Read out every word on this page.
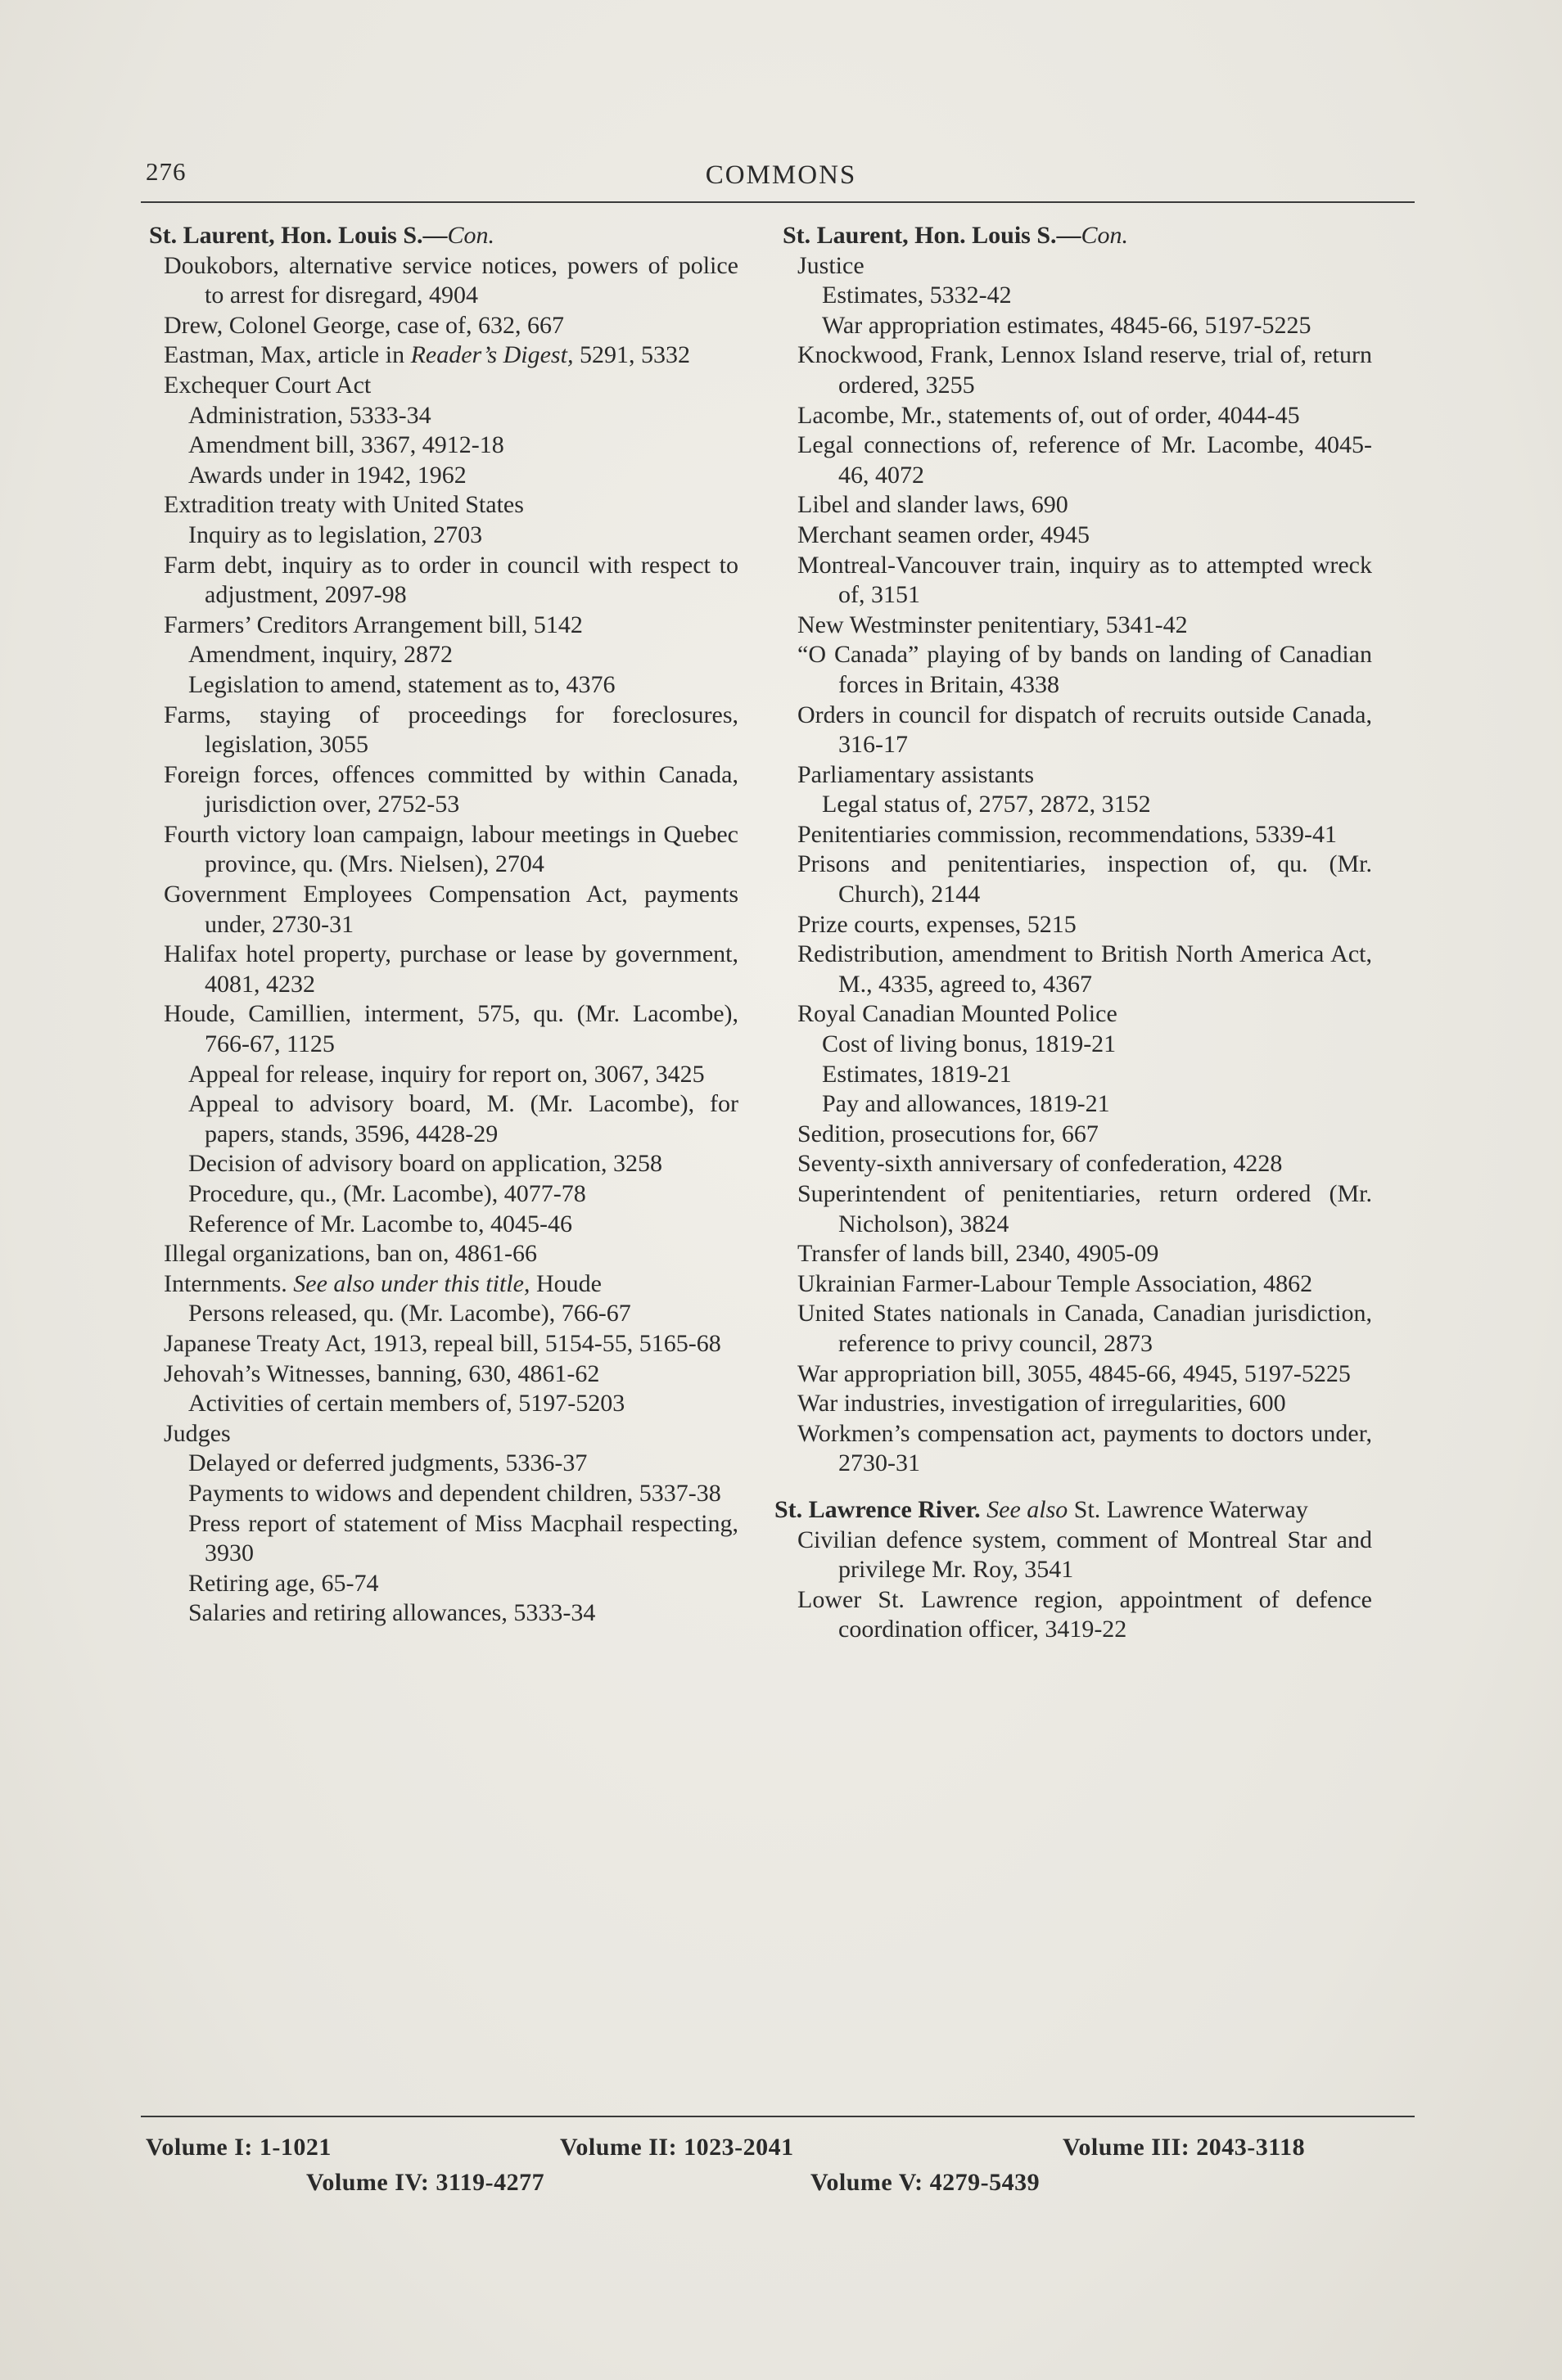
276	COMMONS
St. Laurent, Hon. Louis S.—Con.
Doukobors, alternative service notices, powers of police to arrest for disregard, 4904
Drew, Colonel George, case of, 632, 667
Eastman, Max, article in Reader’s Digest, 5291, 5332
Exchequer Court Act
Administration, 5333-34
Amendment bill, 3367, 4912-18
Awards under in 1942, 1962
Extradition treaty with United States
Inquiry as to legislation, 2703
Farm debt, inquiry as to order in council with respect to adjustment, 2097-98
Farmers’ Creditors Arrangement bill, 5142
Amendment, inquiry, 2872
Legislation to amend, statement as to, 4376
Farms, staying of proceedings for foreclosures, legislation, 3055
Foreign forces, offences committed by within Canada, jurisdiction over, 2752-53
Fourth victory loan campaign, labour meetings in Quebec province, qu. (Mrs. Nielsen), 2704
Government Employees Compensation Act, payments under, 2730-31
Halifax hotel property, purchase or lease by government, 4081, 4232
Houde, Camillien, interment, 575, qu. (Mr. Lacombe), 766-67, 1125
Appeal for release, inquiry for report on, 3067, 3425
Appeal to advisory board, M. (Mr. Lacombe), for papers, stands, 3596, 4428-29
Decision of advisory board on application, 3258
Procedure, qu., (Mr. Lacombe), 4077-78
Reference of Mr. Lacombe to, 4045-46
Illegal organizations, ban on, 4861-66
Internments. See also under this title, Houde
Persons released, qu. (Mr. Lacombe), 766-67
Japanese Treaty Act, 1913, repeal bill, 5154-55, 5165-68
Jehovah’s Witnesses, banning, 630, 4861-62
Activities of certain members of, 5197-5203
Judges
Delayed or deferred judgments, 5336-37
Payments to widows and dependent children, 5337-38
Press report of statement of Miss Macphail respecting, 3930
Retiring age, 65-74
Salaries and retiring allowances, 5333-34
St. Laurent, Hon. Louis S.—Con.
Justice
Estimates, 5332-42
War appropriation estimates, 4845-66, 5197-5225
Knockwood, Frank, Lennox Island reserve, trial of, return ordered, 3255
Lacombe, Mr., statements of, out of order, 4044-45
Legal connections of, reference of Mr. Lacombe, 4045-46, 4072
Libel and slander laws, 690
Merchant seamen order, 4945
Montreal-Vancouver train, inquiry as to attempted wreck of, 3151
New Westminster penitentiary, 5341-42
“O Canada” playing of by bands on landing of Canadian forces in Britain, 4338
Orders in council for dispatch of recruits outside Canada, 316-17
Parliamentary assistants
Legal status of, 2757, 2872, 3152
Penitentiaries commission, recommendations, 5339-41
Prisons and penitentiaries, inspection of, qu. (Mr. Church), 2144
Prize courts, expenses, 5215
Redistribution, amendment to British North America Act, M., 4335, agreed to, 4367
Royal Canadian Mounted Police
Cost of living bonus, 1819-21
Estimates, 1819-21
Pay and allowances, 1819-21
Sedition, prosecutions for, 667
Seventy-sixth anniversary of confederation, 4228
Superintendent of penitentiaries, return ordered (Mr. Nicholson), 3824
Transfer of lands bill, 2340, 4905-09
Ukrainian Farmer-Labour Temple Association, 4862
United States nationals in Canada, Canadian jurisdiction, reference to privy council, 2873
War appropriation bill, 3055, 4845-66, 4945, 5197-5225
War industries, investigation of irregularities, 600
Workmen’s compensation act, payments to doctors under, 2730-31
St. Lawrence River. See also St. Lawrence Waterway
Civilian defence system, comment of Montreal Star and privilege Mr. Roy, 3541
Lower St. Lawrence region, appointment of defence coordination officer, 3419-22
Volume I: 1-1021	Volume II: 1023-2041	Volume III: 2043-3118
Volume IV: 3119-4277	Volume V: 4279-5439
